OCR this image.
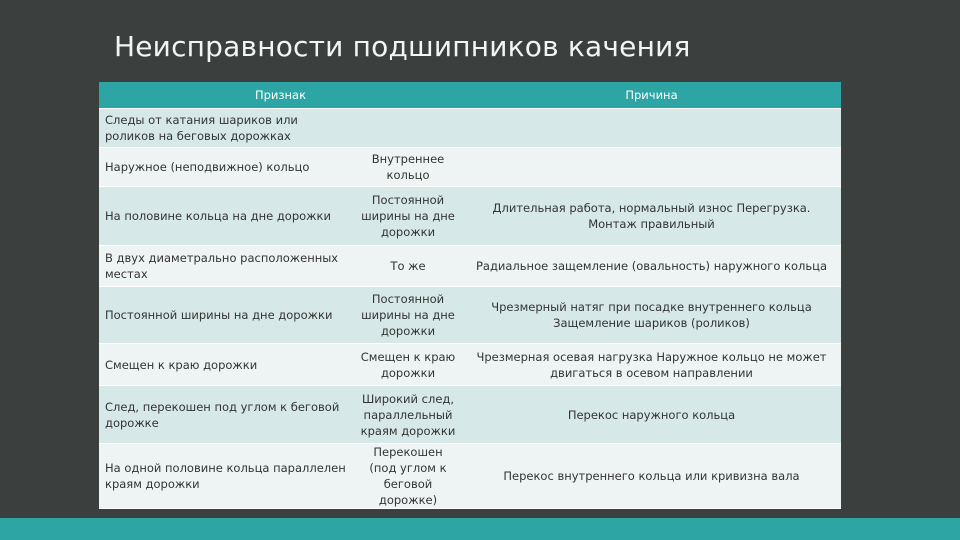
Неисправности подшипников качения
Признак		Причина
Следы от катания шариков или роликов на беговых дорожках		
Наружное (неподвижное) кольцо	Внутреннее кольцо	
На половине кольца на дне дорожки	Постоянной ширины на дне дорожки	Длительная работа, нормальный износ Перегрузка. Монтаж правильный
В двух диаметрально расположенных местах	То же	Радиальное защемление (овальность) наружного кольца
Постоянной ширины на дне дорожки	Постоянной ширины на дне дорожки	Чрезмерный натяг при посадке внутреннего кольца Защемление шариков (роликов)
Смещен к краю дорожки	Смещен к краю дорожки	Чрезмерная осевая нагрузка Наружное кольцо не может двигаться в осевом направлении
След, перекошен под углом к беговой дорожке	Широкий след, параллельный краям дорожки	Перекос наружного кольца
На одной половине кольца параллелен краям дорожки	Перекошен (под углом к беговой дорожке)	Перекос внутреннего кольца или кривизна вала
